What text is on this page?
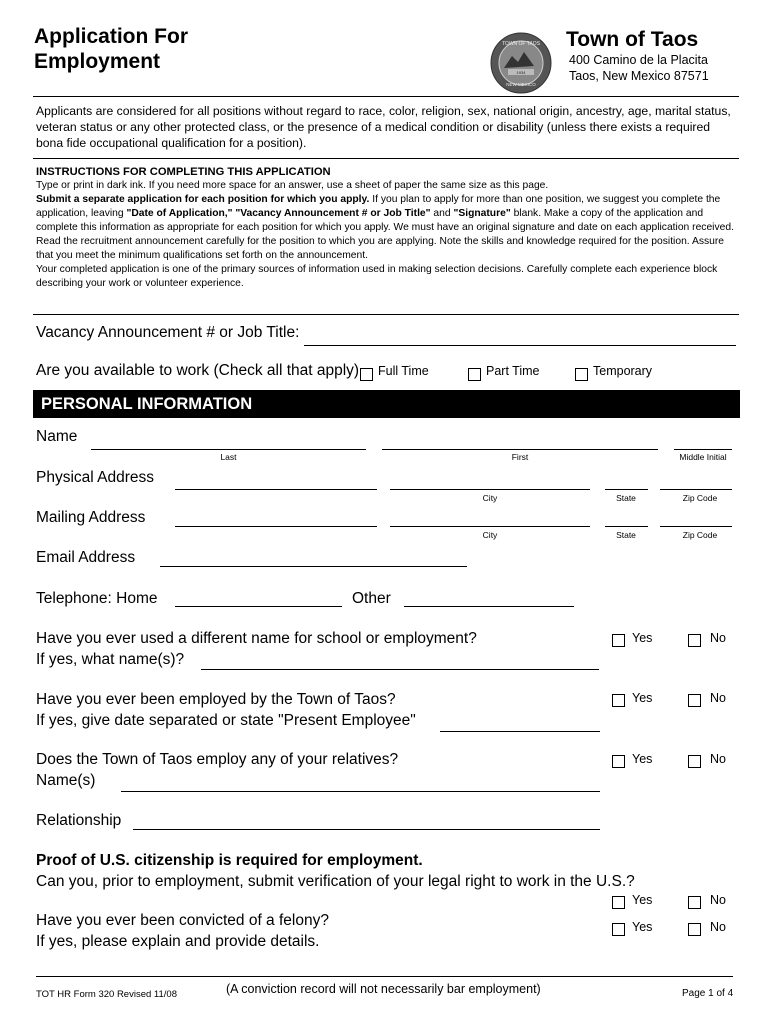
Application For
Employment
TOWN OF TAOS
1934
NEW MEXICO
Town of Taos
400 Camino de la Placita
Taos, New Mexico 87571
Applicants are considered for all positions without regard to race, color, religion, sex, national origin, ancestry, age, marital status, veteran status or any other protected class, or the presence of a medical condition or disability (unless there exists a required bona fide occupational qualification for a position).
INSTRUCTIONS FOR COMPLETING THIS APPLICATION
Type or print in dark ink. If you need more space for an answer, use a sheet of paper the same size as this page.
Submit a separate application for each position for which you apply. If you plan to apply for more than one position, we suggest you complete the application, leaving "Date of Application," "Vacancy Announcement # or Job Title" and "Signature" blank. Make a copy of the application and complete this information as appropriate for each position for which you apply. We must have an original signature and date on each application received.
Read the recruitment announcement carefully for the position to which you are applying. Note the skills and knowledge required for the position. Assure that you meet the minimum qualifications set forth on the announcement.
Your completed application is one of the primary sources of information used in making selection decisions. Carefully complete each experience block describing your work or volunteer experience.
Vacancy Announcement # or Job Title:
Are you available to work (Check all that apply) Full Time	Part Time	Temporary
PERSONAL INFORMATION
Name
Last	First	Middle Initial
Physical Address
City	State	Zip Code
Mailing Address
City	State	Zip Code
Email Address
Telephone: Home	Other
Have you ever used a different name for school or employment?
If yes, what name(s)?
Yes	No
Have you ever been employed by the Town of Taos?
If yes, give date separated or state "Present Employee"
Yes	No
Does the Town of Taos employ any of your relatives?
Name(s)
Yes	No
Relationship
Proof of U.S. citizenship is required for employment.
Can you, prior to employment, submit verification of your legal right to work in the U.S.?
Yes	No
Have you ever been convicted of a felony?
If yes, please explain and provide details.
Yes	No
TOT HR Form 320 Revised 11/08	(A conviction record will not necessarily bar employment)	Page 1 of 4
